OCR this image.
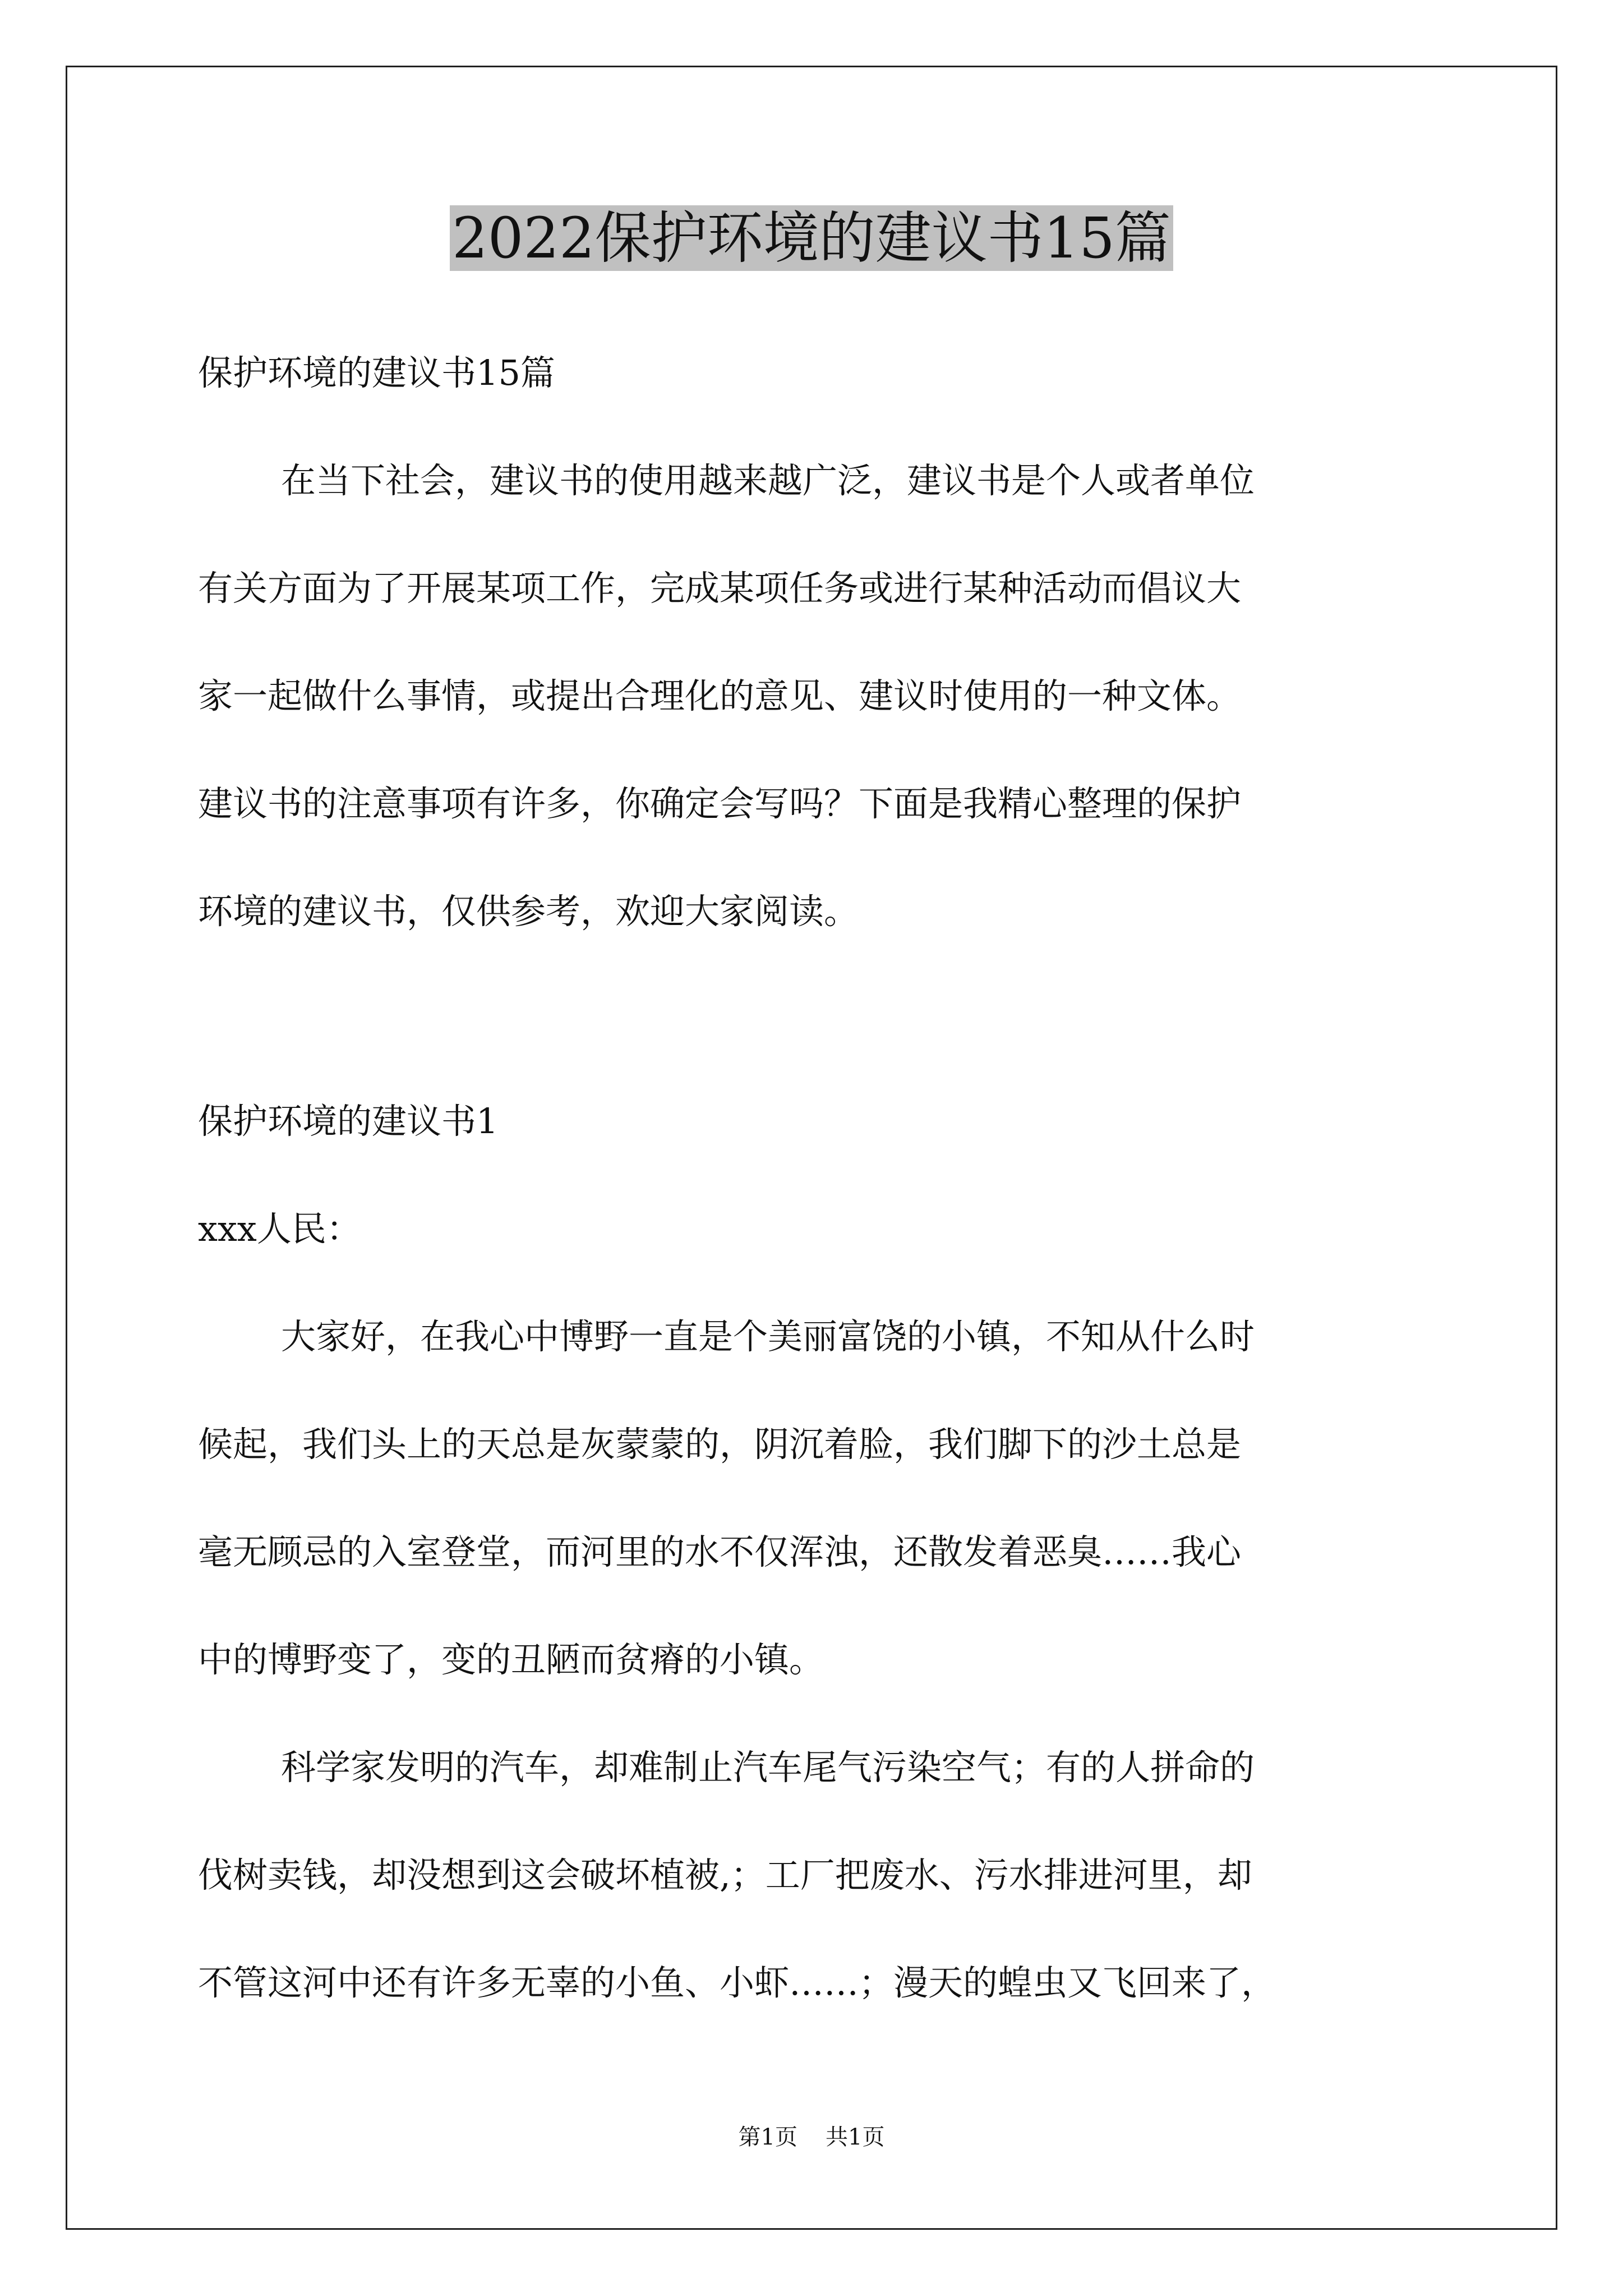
2022保护环境的建议书15篇

保护环境的建议书15篇

在当下社会，建议书的使用越来越广泛，建议书是个人或者单位

有关方面为了开展某项工作，完成某项任务或进行某种活动而倡议大

家一起做什么事情，或提出合理化的意见、建议时使用的一种文体。

建议书的注意事项有许多，你确定会写吗？下面是我精心整理的保护

环境的建议书，仅供参考，欢迎大家阅读。

保护环境的建议书1

xxx人民：

大家好，在我心中博野一直是个美丽富饶的小镇，不知从什么时

候起，我们头上的天总是灰蒙蒙的，阴沉着脸，我们脚下的沙土总是

毫无顾忌的入室登堂，而河里的水不仅浑浊，还散发着恶臭……我心

中的博野变了，变的丑陋而贫瘠的小镇。

科学家发明的汽车，却难制止汽车尾气污染空气；有的人拼命的

伐树卖钱，却没想到这会破坏植被,；工厂把废水、污水排进河里，却

不管这河中还有许多无辜的小鱼、小虾……；漫天的蝗虫又飞回来了，

第1页 共1页
